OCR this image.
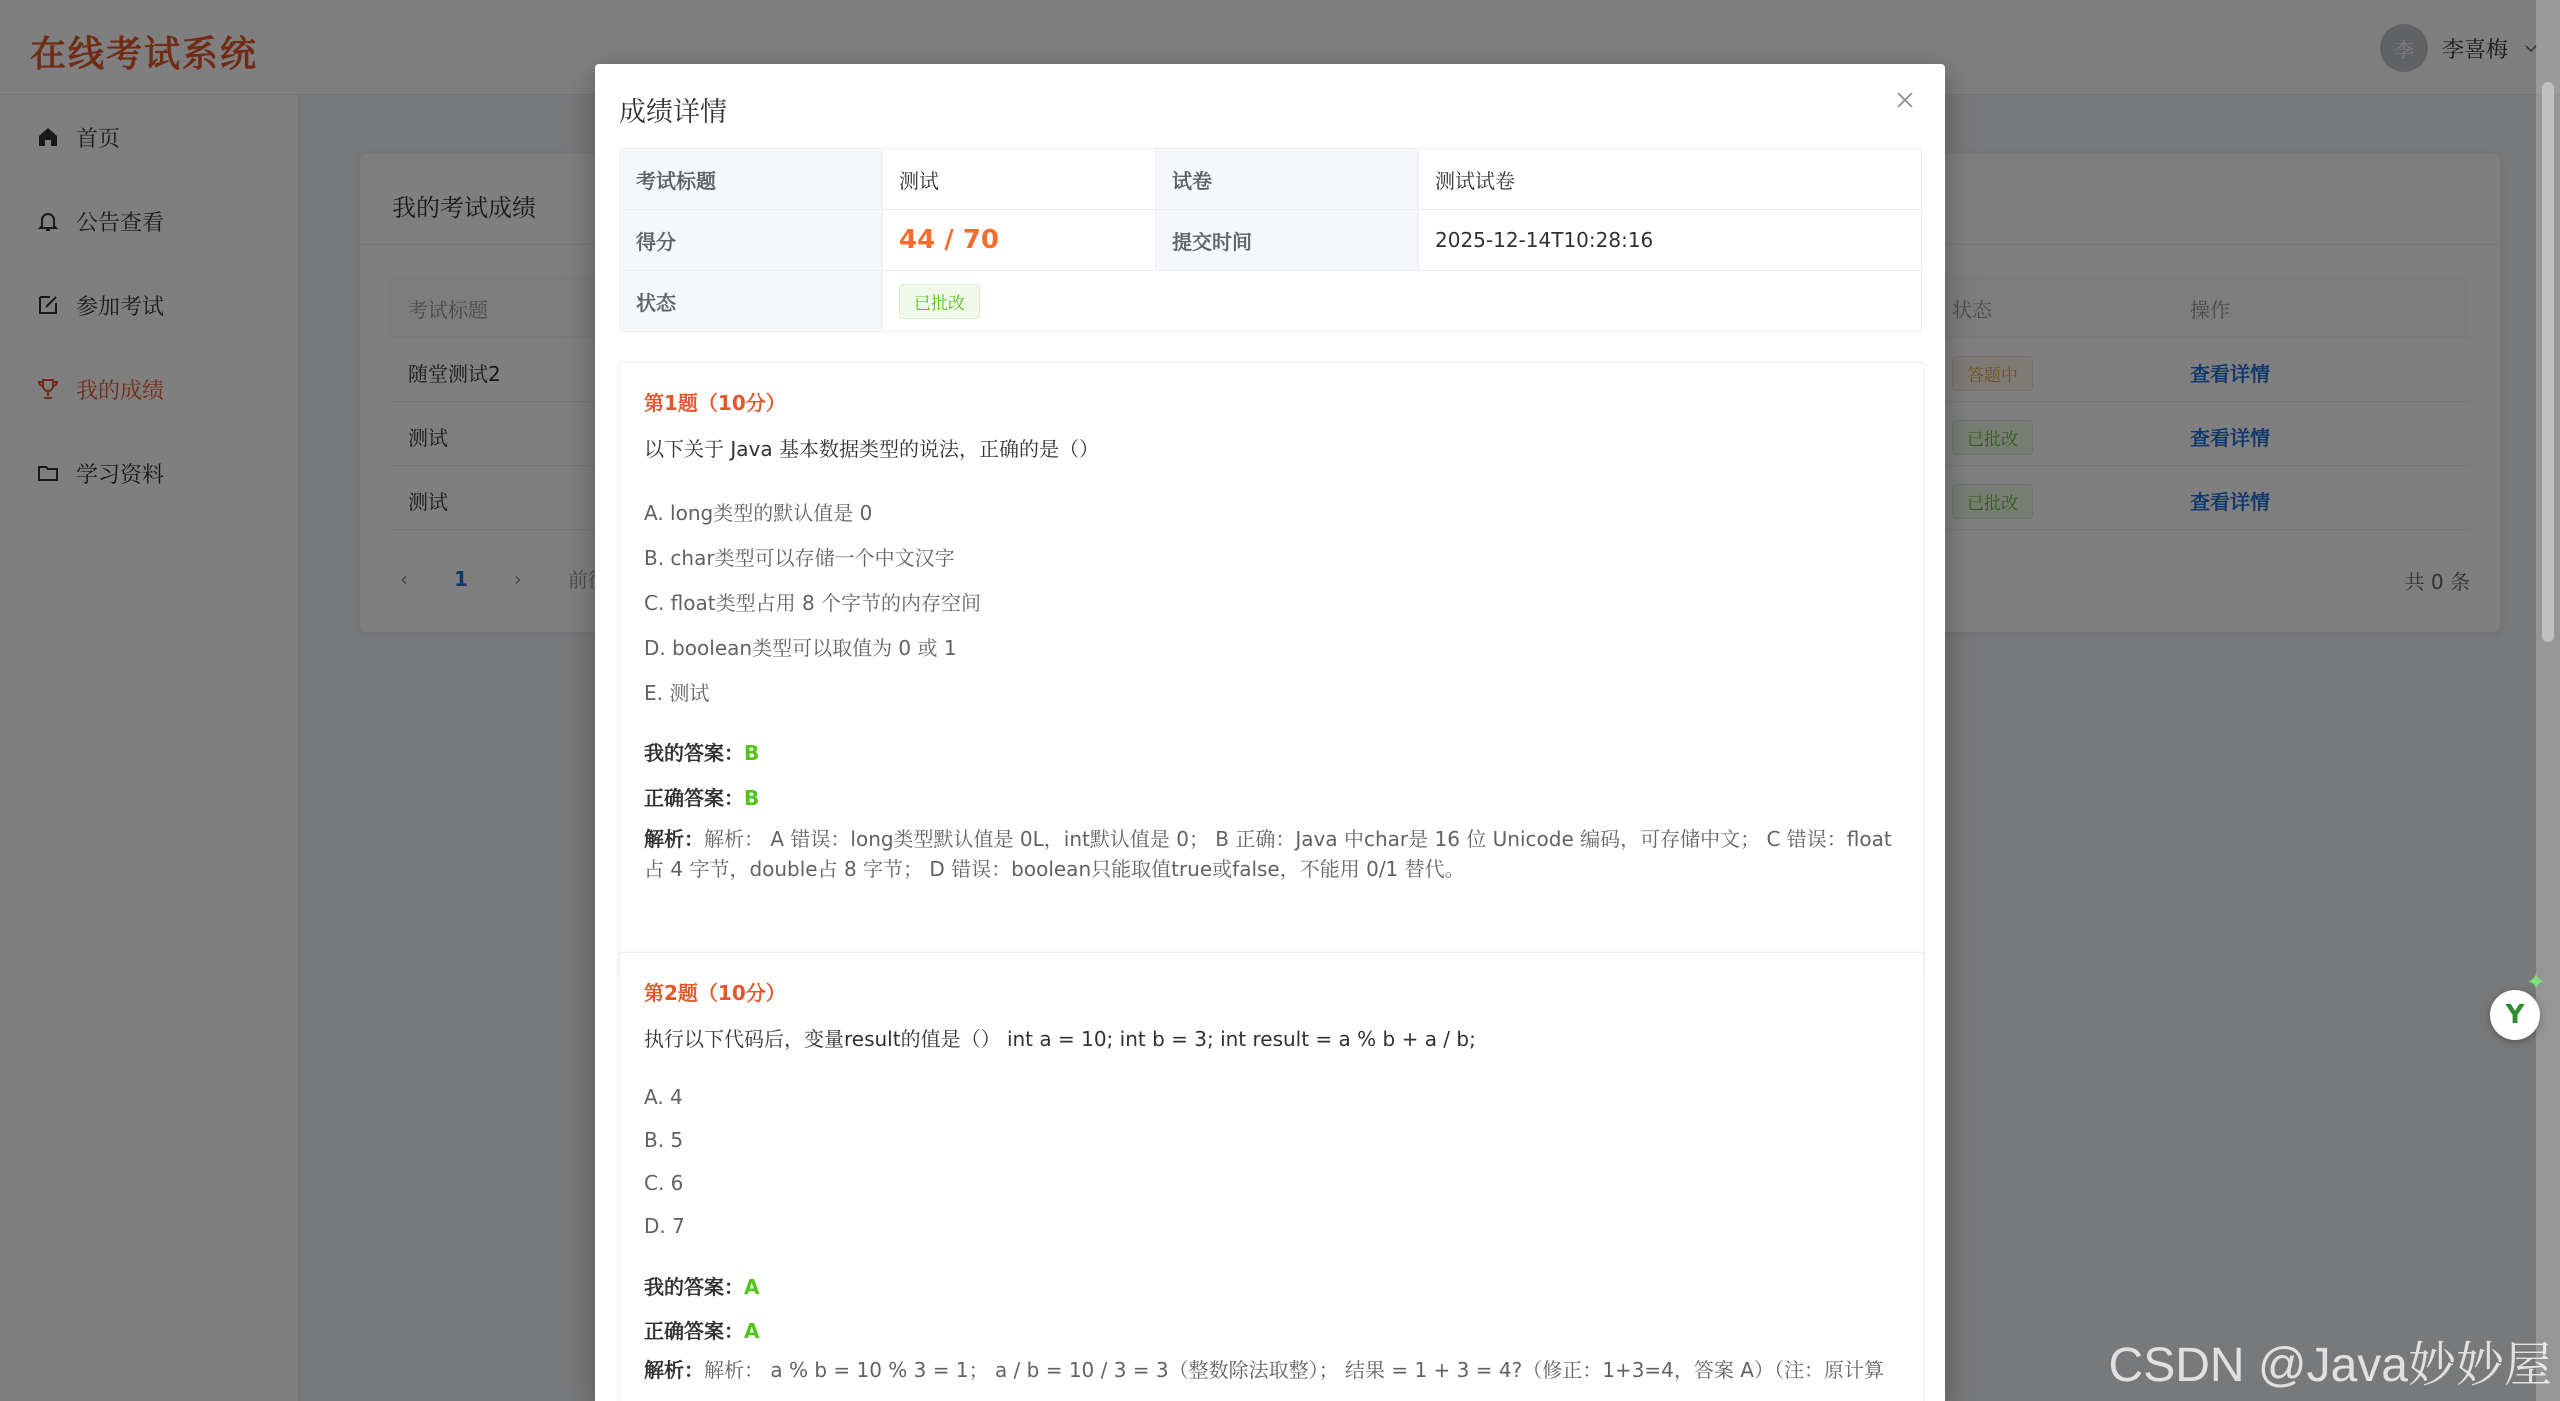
成绩详情
考试标题	测试	试卷	测试试卷
得分	44 / 70	提交时间	2025-12-14T10:28:16
状态	已批改		
第1题（10分）
以下关于 Java 基本数据类型的说法，正确的是（）
A. long类型的默认值是 0
B. char类型可以存储一个中文汉字
C. float类型占用 8 个字节的内存空间
D. boolean类型可以取值为 0 或 1
E. 测试
我的答案：B
正确答案：B
解析：解析： A 错误：long类型默认值是 0L，int默认值是 0； B 正确：Java 中char是 16 位 Unicode 编码，可存储中文； C 错误：float 占 4 字节，double占 8 字节； D 错误：boolean只能取值true或false，不能用 0/1 替代。
第2题（10分）
执行以下代码后，变量result的值是（） int a = 10; int b = 3; int result = a % b + a / b;
A. 4
B. 5
C. 6
D. 7
我的答案：A
正确答案：A
解析：解析： a % b = 10 % 3 = 1； a / b = 10 / 3 = 3（整数除法取整）； 结果 = 1 + 3 = 4?（修正：1+3=4，答案 A）（注：原计算
✦
Y
CSDN @Java妙妙屋
